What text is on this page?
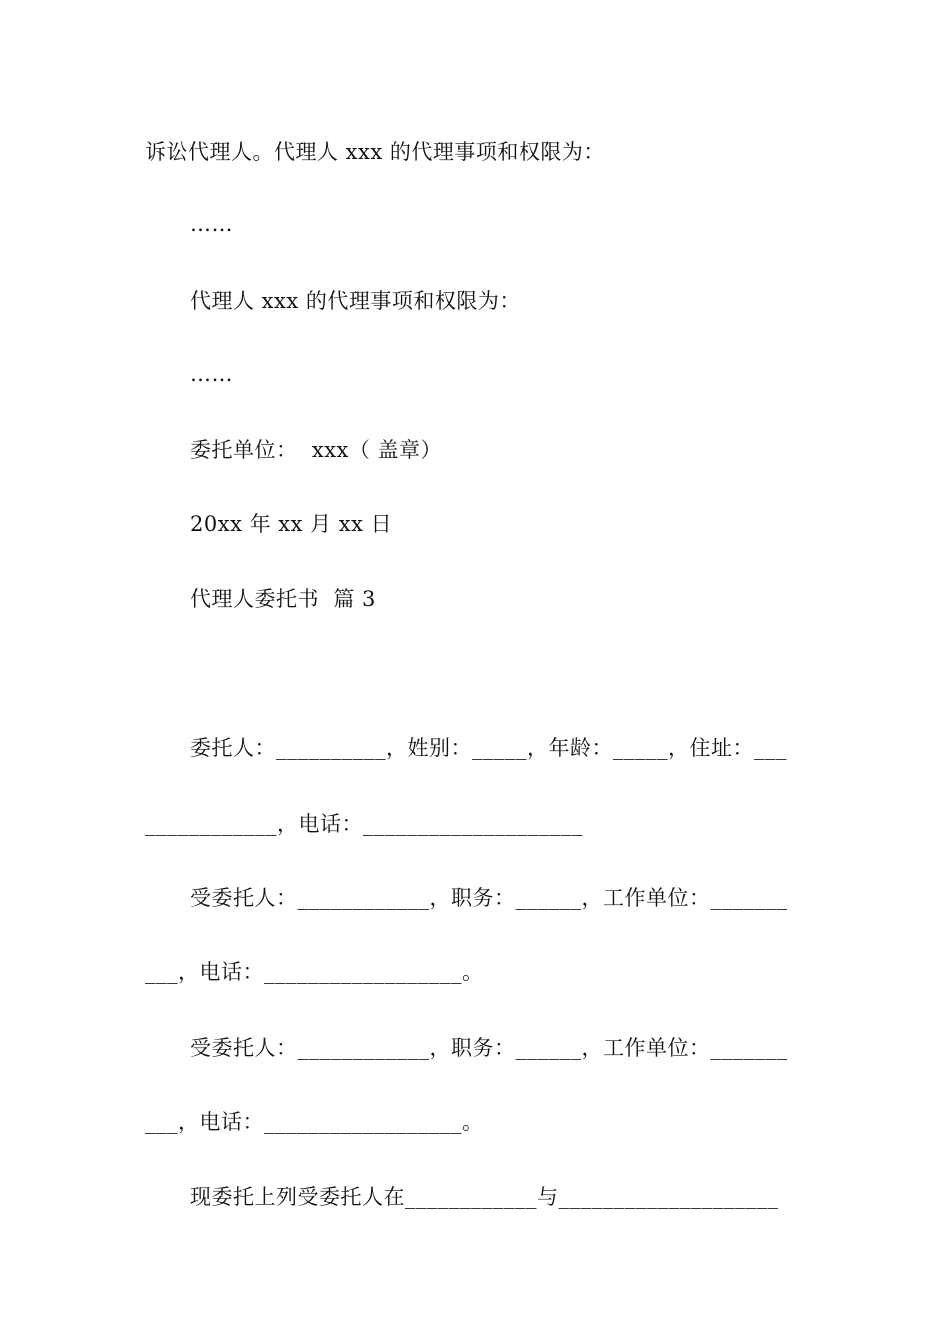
诉讼代理人。代理人 xxx 的代理事项和权限为：
……
代理人 xxx 的代理事项和权限为：
……
委托单位：  xxx（ 盖章）
20xx 年 xx 月 xx 日
代理人委托书  篇 3
委托人：__________，姓别：_____，年龄：_____，住址：___
____________，电话：____________________
受委托人：____________，职务：______，工作单位：_______
___，电话：__________________。
受委托人：____________，职务：______，工作单位：_______
___，电话：__________________。
现委托上列受委托人在____________与____________________
